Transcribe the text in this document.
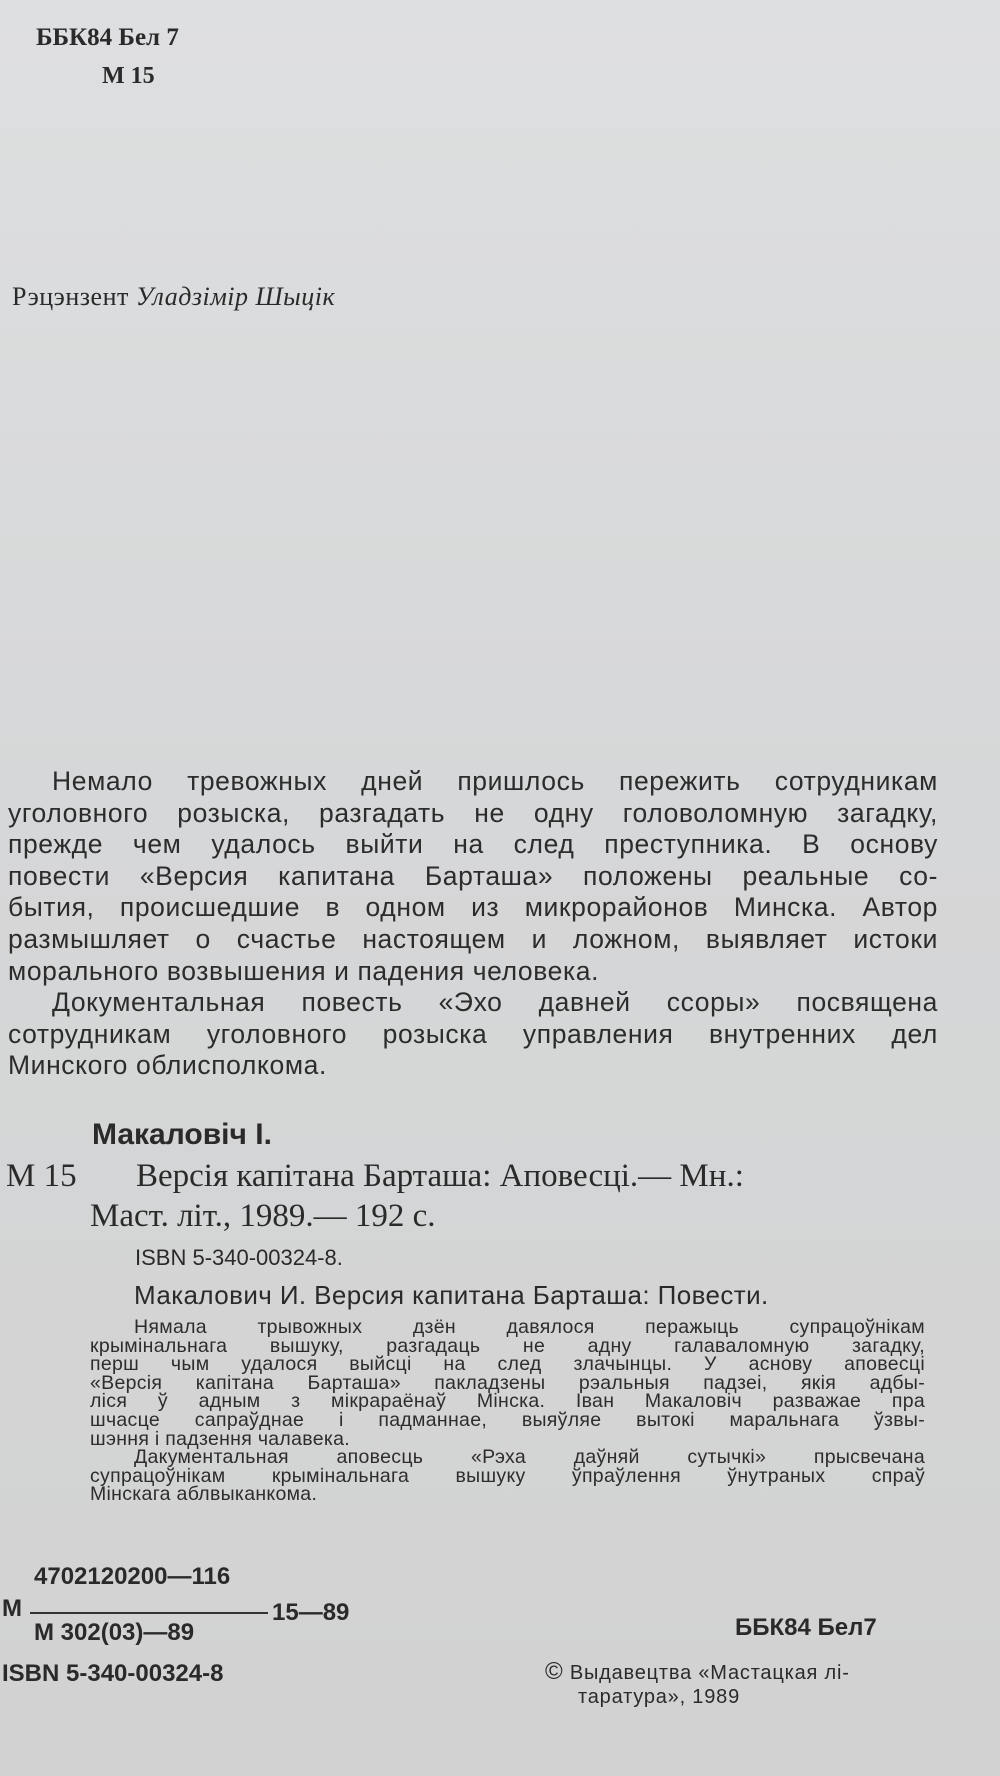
ББК84 Бел 7
М 15
Рэцэнзент Уладзімір Шыцік

Немало тревожных дней пришлось пережить сотрудникам
уголовного розыска, разгадать не одну головоломную загадку,
прежде чем удалось выйти на след преступника. В основу
повести «Версия капитана Барташа» положены реальные со-
бытия, происшедшие в одном из микрорайонов Минска. Автор
размышляет о счастье настоящем и ложном, выявляет истоки
морального возвышения и падения человека.

Документальная повесть «Эхо давней ссоры» посвящена
сотрудникам уголовного розыска управления внутренних дел
Минского облисполкома.

Макаловіч І.
М 15 Версія капітана Барташа: Аповесці.— Мн.:
Маст. літ., 1989.— 192 с.
ISBN 5-340-00324-8.
Макалович И. Версия капитана Барташа: Повести.
Нямала трывожных дзён давялося перажыць супрацоўнікам
крымінальнага вышуку, разгадаць не адну галаваломную загадку,
перш чым удалося выйсці на след злачынцы. У аснову аповесці
«Версія капітана Барташа» пакладзены рэальныя падзеі, якія адбы-
ліся ў адным з мікрараёнаў Мінска. Іван Макаловіч разважае пра
шчасце сапраўднае і падманнае, выяўляе вытокі маральнага ўзвы-
шэння і падзення чалавека.
Дакументальная аповесць «Рэха даўняй сутычкі» прысвечана
супрацоўнікам крымінальнага вышуку ўпраўлення ўнутраных спраў
Мінскага аблвыканкома.
4702120200—116
М	15—89
М 302(03)—89
ISBN 5-340-00324-8
ББК84 Бел7
© Выдавецтва «Мастацкая лі-
таратура», 1989
